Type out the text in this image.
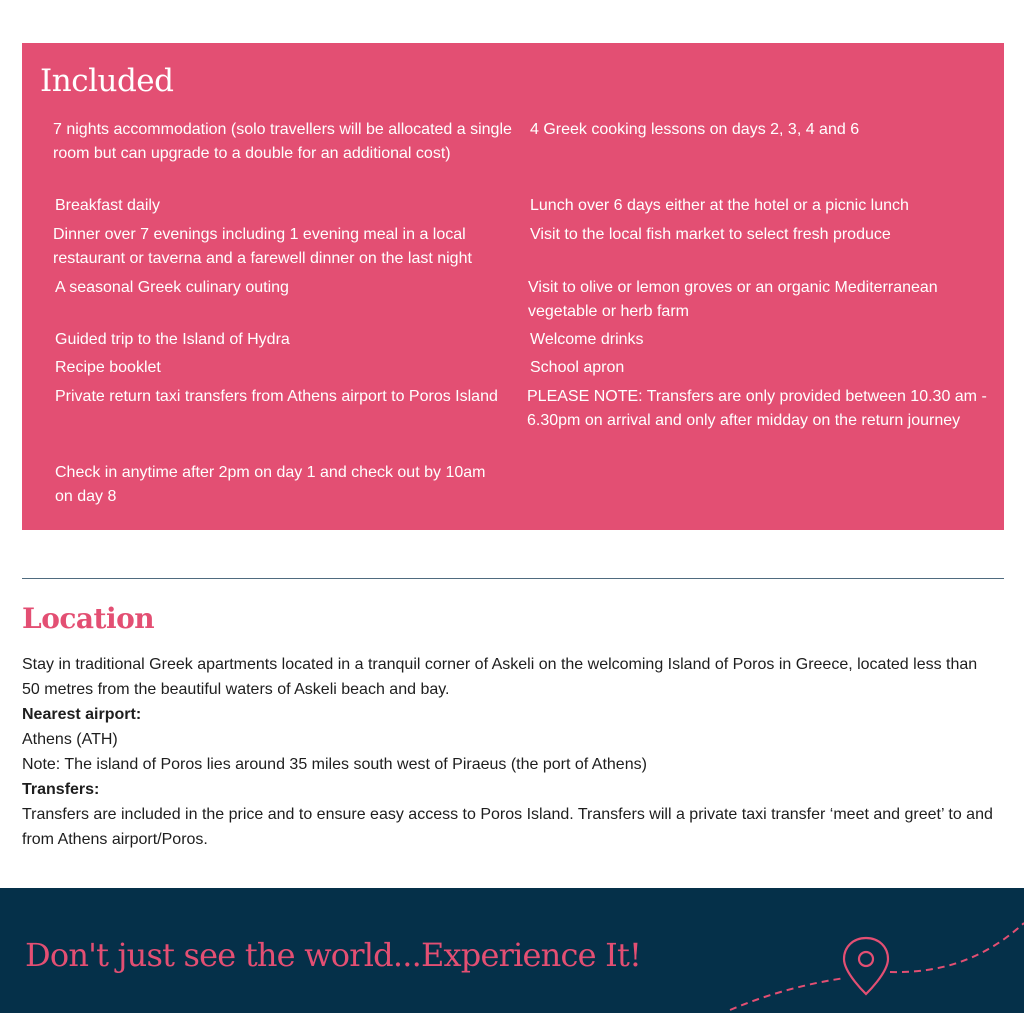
Included
7 nights accommodation (solo travellers will be allocated a single room but can upgrade to a double for an additional cost)
Breakfast daily
Dinner over 7 evenings including 1 evening meal in a local restaurant or taverna and a farewell dinner on the last night
A seasonal Greek culinary outing
Guided trip to the Island of Hydra
Recipe booklet
Private return taxi transfers from Athens airport to Poros Island
Check in anytime after 2pm on day 1 and check out by 10am on day 8
4 Greek cooking lessons on days 2, 3, 4 and 6
Lunch over 6 days either at the hotel or a picnic lunch
Visit to the local fish market to select fresh produce
Visit to olive or lemon groves or an organic Mediterranean vegetable or herb farm
Welcome drinks
School apron
PLEASE NOTE: Transfers are only provided between 10.30 am - 6.30pm on arrival and only after midday on the return journey
Location

Stay in traditional Greek apartments located in a tranquil corner of Askeli on the welcoming Island of Poros in Greece, located less than 50 metres from the beautiful waters of Askeli beach and bay.

Nearest airport:

Athens (ATH)

Note: The island of Poros lies around 35 miles south west of Piraeus (the port of Athens)

Transfers:

Transfers are included in the price and to ensure easy access to Poros Island. Transfers will a private taxi transfer ‘meet and greet’ to and from Athens airport/Poros.

Don't just see the world...Experience It!
